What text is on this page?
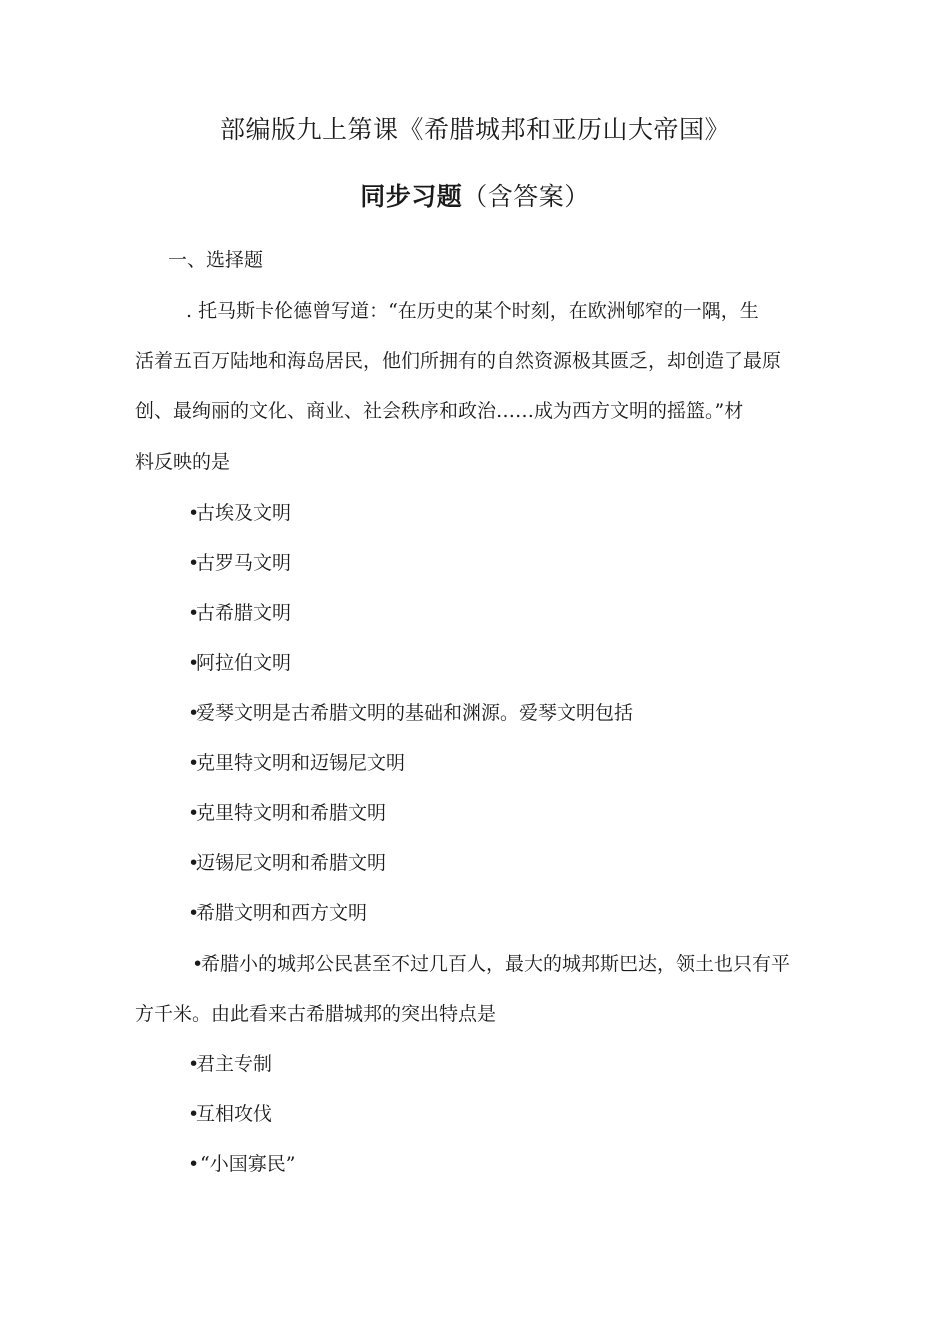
部编版九上第课《希腊城邦和亚历山大帝国》
同步习题（含答案）
一、选择题
. 托马斯卡伦德曾写道：“在历史的某个时刻，在欧洲郇窄的一隅，生
活着五百万陆地和海岛居民，他们所拥有的自然资源极其匮乏，却创造了最原
创、最绚丽的文化、商业、社会秩序和政治……成为西方文明的摇篮。”材
料反映的是
•古埃及文明
•古罗马文明
•古希腊文明
•阿拉伯文明
•爱琴文明是古希腊文明的基础和渊源。爱琴文明包括
•克里特文明和迈锡尼文明
•克里特文明和希腊文明
•迈锡尼文明和希腊文明
•希腊文明和西方文明
•希腊小的城邦公民甚至不过几百人，最大的城邦斯巴达，领土也只有平
方千米。由此看来古希腊城邦的突出特点是
•君主专制
•互相攻伐
•“小国寡民”
